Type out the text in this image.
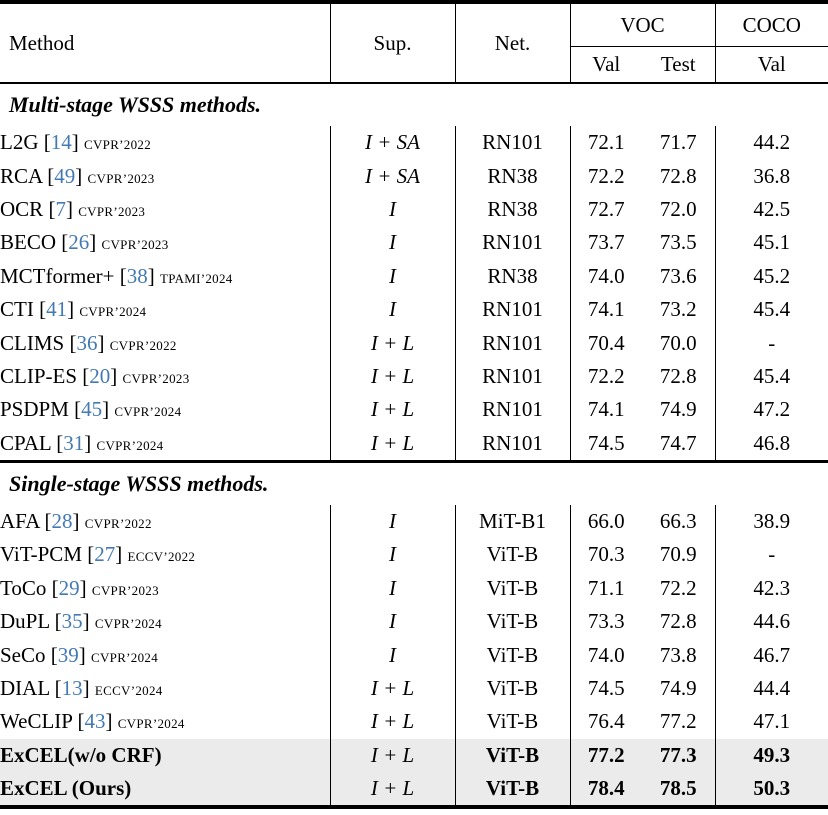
Method	Sup.	Net.	VOC		COCO
			Val	Test	Val
Multi-stage WSSS methods.					
L2G [14] CVPR’2022	I + SA	RN101	72.1	71.7	44.2
RCA [49] CVPR’2023	I + SA	RN38	72.2	72.8	36.8
OCR [7] CVPR’2023	I	RN38	72.7	72.0	42.5
BECO [26] CVPR’2023	I	RN101	73.7	73.5	45.1
MCTformer+ [38] TPAMI’2024	I	RN38	74.0	73.6	45.2
CTI [41] CVPR’2024	I	RN101	74.1	73.2	45.4
CLIMS [36] CVPR’2022	I + L	RN101	70.4	70.0	-
CLIP-ES [20] CVPR’2023	I + L	RN101	72.2	72.8	45.4
PSDPM [45] CVPR’2024	I + L	RN101	74.1	74.9	47.2
CPAL [31] CVPR’2024	I + L	RN101	74.5	74.7	46.8
Single-stage WSSS methods.					
AFA [28] CVPR’2022	I	MiT-B1	66.0	66.3	38.9
ViT-PCM [27] ECCV’2022	I	ViT-B	70.3	70.9	-
ToCo [29] CVPR’2023	I	ViT-B	71.1	72.2	42.3
DuPL [35] CVPR’2024	I	ViT-B	73.3	72.8	44.6
SeCo [39] CVPR’2024	I	ViT-B	74.0	73.8	46.7
DIAL [13] ECCV’2024	I + L	ViT-B	74.5	74.9	44.4
WeCLIP [43] CVPR’2024	I + L	ViT-B	76.4	77.2	47.1
ExCEL(w/o CRF)	I + L	ViT-B	77.2	77.3	49.3
ExCEL (Ours)	I + L	ViT-B	78.4	78.5	50.3
